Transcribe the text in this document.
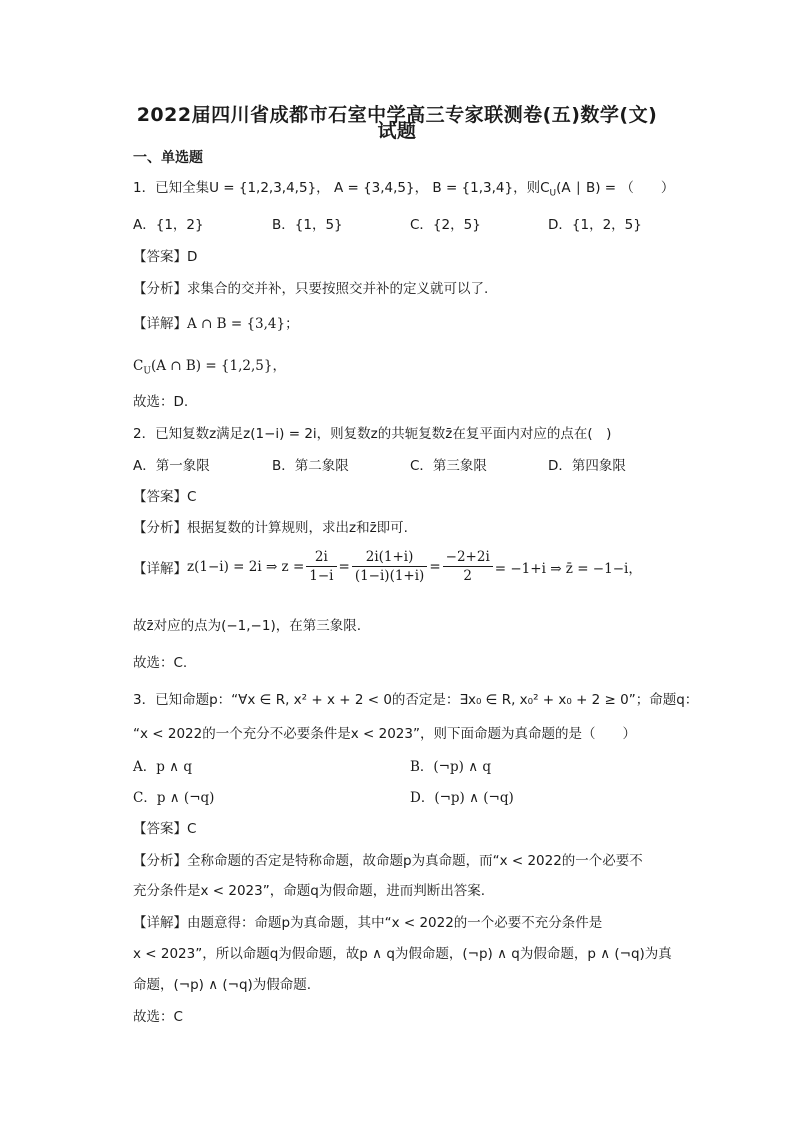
2022届四川省成都市石室中学高三专家联测卷(五)数学(文)
试题
一、单选题
1．已知全集U = {1,2,3,4,5}， A = {3,4,5}， B = {1,3,4}，则$C_U(A$ ∣ B) = （　　）
A．{1，2}	B．{1，5}	C．{2，5}	D．{1，2，5}
【答案】D
【分析】求集合的交并补，只要按照交并补的定义就可以了.
【详解】A ∩ B = {3,4}；
$C_U(A$ ∩ B) = {1,2,5}，
故选：D.
2．已知复数z满足z(1−i) = 2i，则复数z的共轭复数z̄在复平面内对应的点在(　)
A．第一象限	B．第二象限	C．第三象限	D．第四象限
【答案】C
【分析】根据复数的计算规则，求出z和z̄即可.
【详解】 z(1−i) = 2i ⇒ $z = \frac{2i}{1-i} = \frac{2i(1+i)}{(1-i)(1+i)} = \frac{-2+2i}{2} = -1+i$ ⇒ z̄ = −1−i，
故z̄对应的点为(−1,−1)，在第三象限.
故选：C.
3．已知命题p：“∀x ∈ R, x² + x + 2 < 0的否定是：∃x₀ ∈ R, x₀² + x₀ + 2 ≥ 0”；命题q：
“x < 2022的一个充分不必要条件是x < 2023”，则下面命题为真命题的是（　　）
A．p ∧ q	B．(¬p) ∧ q
C．p ∧ (¬q)	D．(¬p) ∧ (¬q)
【答案】C
【分析】全称命题的否定是特称命题，故命题p为真命题，而“x < 2022的一个必要不
充分条件是x < 2023”，命题q为假命题，进而判断出答案.
【详解】由题意得：命题p为真命题，其中“x < 2022的一个必要不充分条件是
x < 2023”，所以命题q为假命题，故p ∧ q为假命题，(¬p) ∧ q为假命题，p ∧ (¬q)为真
命题，(¬p) ∧ (¬q)为假命题.
故选：C
